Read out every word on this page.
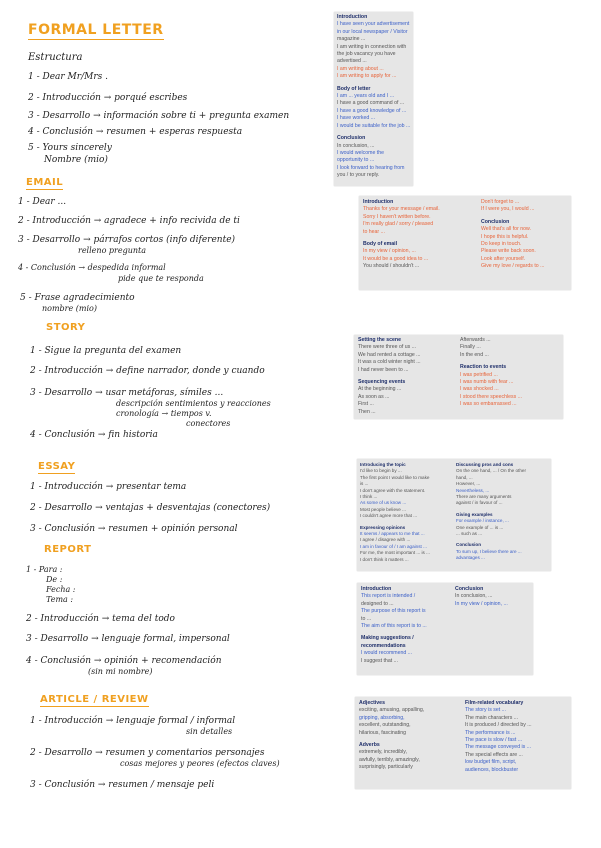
FORMAL LETTER
Estructura
1 - Dear Mr/Mrs .
2 - Introducción → porqué escribes
3 - Desarrollo → información sobre ti + pregunta examen
4 - Conclusión → resumen + esperas respuesta
5 - Yours sincerely
Nombre (mio)
Introduction
I have seen your advertisement
in our local newspaper / Visitor
magazine ...
I am writing in connection with
the job vacancy you have
advertised ...
I am writing about ...
I am writing to apply for ...
Body of letter
I am ... years old and I ...
I have a good command of ...
I have a good knowledge of ...
I have worked ...
I would be suitable for the job ...
Conclusion
In conclusion, ...
I would welcome the
opportunity to ...
I look forward to hearing from
you / to your reply.
EMAIL
1 - Dear ...
2 - Introducción → agradece + info recivida de ti
3 - Desarrollo → párrafos cortos (info diferente)
relleno pregunta
4 - Conclusión → despedida informal
pide que te responda
5 - Frase agradecimiento
nombre (mio)
Introduction
Thanks for your message / email.
Sorry I haven't written before.
I'm really glad / sorry / pleased
to hear ...
Body of email
In my view / opinion, ...
It would be a good idea to ...
You should / shouldn't ...
Don't forget to ...
If I were you, I would ...
Conclusion
Well that's all for now.
I hope this is helpful.
Do keep in touch.
Please write back soon.
Look after yourself.
Give my love / regards to ...
STORY
1 - Sigue la pregunta del examen
2 - Introducción → define narrador, donde y cuando
3 - Desarrollo → usar metáforas, símiles ...
descripción sentimientos y reacciones
cronología → tiempos v.
conectores
4 - Conclusión → fin historia
Setting the scene
There were three of us ...
We had rented a cottage ...
It was a cold winter night ...
I had never been to ...
Sequencing events
At the beginning ...
As soon as ...
First ...
Then ...
Afterwards ...
Finally ...
In the end ...
Reaction to events
I was petrified ...
I was numb with fear ...
I was shocked ...
I stood there speechless ...
I was so embarrassed ...
ESSAY
1 - Introducción → presentar tema
2 - Desarrollo → ventajas + desventajas (conectores)
3 - Conclusión → resumen + opinión personal
Introducing the topic
I'd like to begin by ...
The first point I would like to make
is ...
I don't agree with the statement.
I think ...
As some of us know ...
Most people believe ...
I couldn't agree more that ...
Expressing opinions
It seems / appears to me that ...
I agree / disagree with ...
I am in favour of / I am against ...
For me, the most important ... is ...
I don't think it matters ...
Discussing pros and cons
On the one hand, ... / On the other
hand, ...
However, ...
Nevertheless, ...
There are many arguments
against / in favour of ...
Giving examples
For example / instance, ...
One example of ... is ...
... such as ...
Conclusion
To sum up, I believe there are ...
advantages ...
REPORT
1 - Para :
De :
Fecha :
Tema :
2 - Introducción → tema del todo
3 - Desarrollo → lenguaje formal, impersonal
4 - Conclusión → opinión + recomendación
(sin mi nombre)
Introduction
This report is intended /
designed to ...
The purpose of this report is
to ...
The aim of this report is to ...
Making suggestions /
recommendations
I would recommend ...
I suggest that ...
Conclusion
In conclusion, ...
In my view / opinion, ...
ARTICLE / REVIEW
1 - Introducción → lenguaje formal / informal
sin detalles
2 - Desarrollo → resumen y comentarios personajes
cosas mejores y peores (efectos claves)
3 - Conclusión → resumen / mensaje peli
Adjectives
exciting, amusing, appalling,
gripping, absorbing,
excellent, outstanding,
hilarious, fascinating
Adverbs
extremely, incredibly,
awfully, terribly, amazingly,
surprisingly, particularly
Film-related vocabulary
The story is set ...
The main characters ...
It is produced / directed by ...
The performance is ...
The pace is slow / fast ...
The message conveyed is ...
The special effects are ...
low budget film, script,
audiences, blockbuster
